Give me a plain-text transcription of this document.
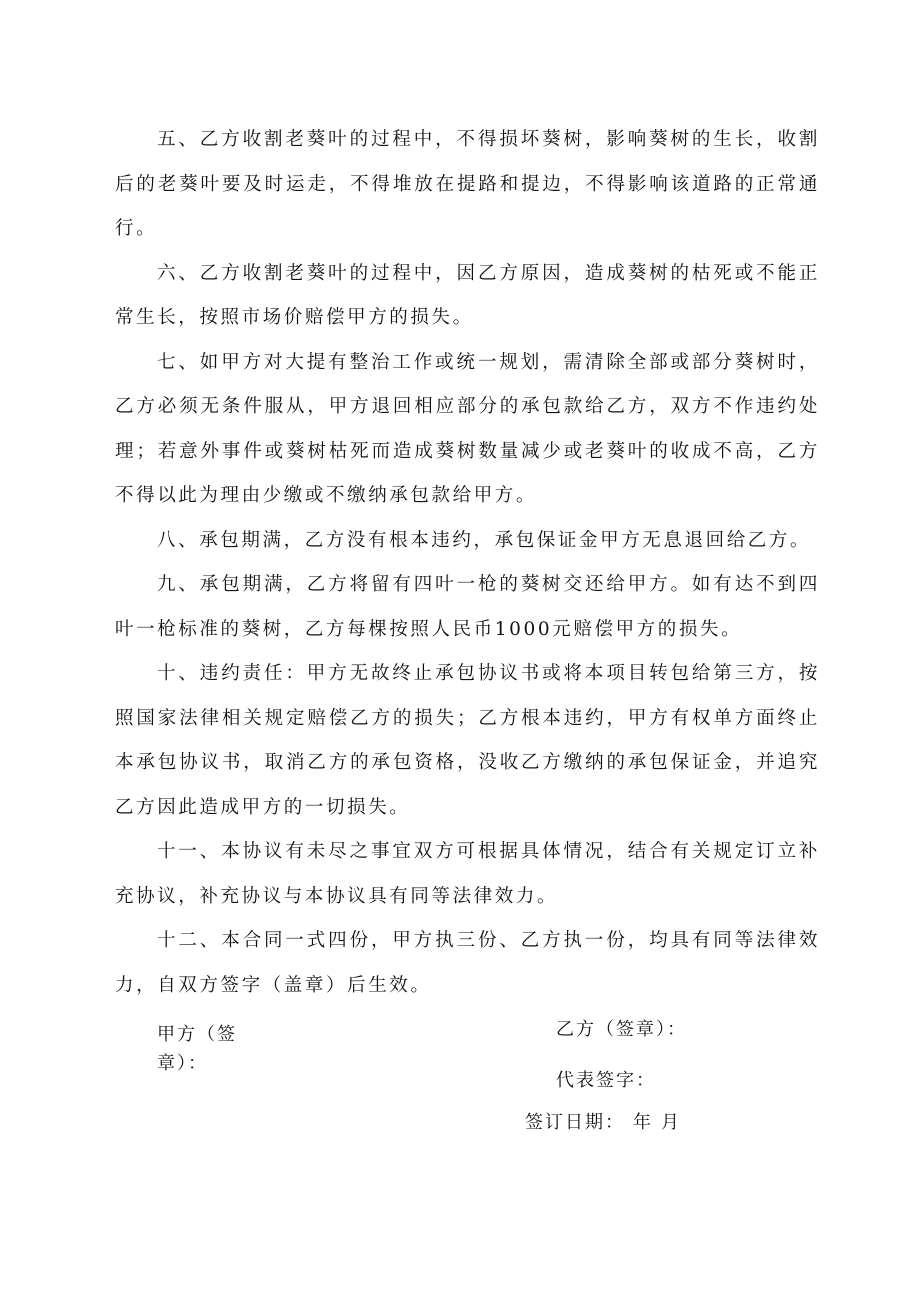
五、乙方收割老葵叶的过程中，不得损坏葵树，影响葵树的生长，收割后的老葵叶要及时运走，不得堆放在提路和提边，不得影响该道路的正常通行。

六、乙方收割老葵叶的过程中，因乙方原因，造成葵树的枯死或不能正常生长，按照市场价赔偿甲方的损失。

七、如甲方对大提有整治工作或统一规划，需清除全部或部分葵树时，乙方必须无条件服从，甲方退回相应部分的承包款给乙方，双方不作违约处理；若意外事件或葵树枯死而造成葵树数量减少或老葵叶的收成不高，乙方不得以此为理由少缴或不缴纳承包款给甲方。

八、承包期满，乙方没有根本违约，承包保证金甲方无息退回给乙方。

九、承包期满，乙方将留有四叶一枪的葵树交还给甲方。如有达不到四叶一枪标准的葵树，乙方每棵按照人民币1000元赔偿甲方的损失。

十、违约责任：甲方无故终止承包协议书或将本项目转包给第三方，按照国家法律相关规定赔偿乙方的损失；乙方根本违约，甲方有权单方面终止本承包协议书，取消乙方的承包资格，没收乙方缴纳的承包保证金，并追究乙方因此造成甲方的一切损失。

十一、本协议有未尽之事宜双方可根据具体情况，结合有关规定订立补充协议，补充协议与本协议具有同等法律效力。

十二、本合同一式四份，甲方执三份、乙方执一份，均具有同等法律效力，自双方签字（盖章）后生效。

甲方（签章）：
乙方（签章）：
代表签字：
签订日期： 年 月
